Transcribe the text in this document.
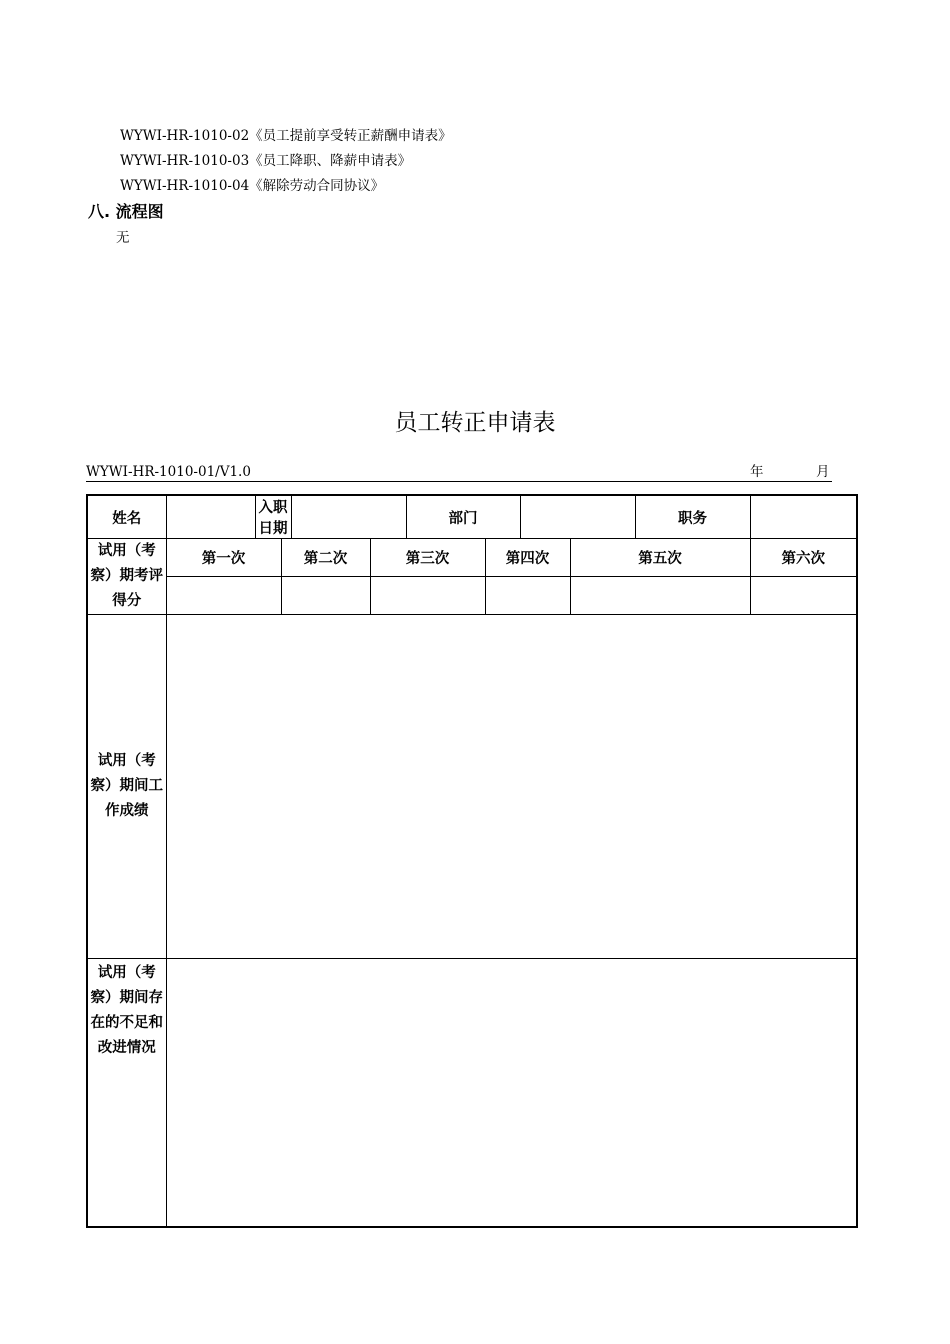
WYWI-HR-1010-02《员工提前享受转正薪酬申请表》
WYWI-HR-1010-03《员工降职、降薪申请表》
WYWI-HR-1010-04《解除劳动合同协议》
八. 流程图
无
员工转正申请表
WYWI-HR-1010-01/V1.0	年	月
姓名		入职日期				部门				职务	
试用（考察）期考评得分	第一次		第二次		第三次		第四次		第五次		第六次

试用（考察）期间工作成绩											
试用（考察）期间存在的不足和改进情况											
